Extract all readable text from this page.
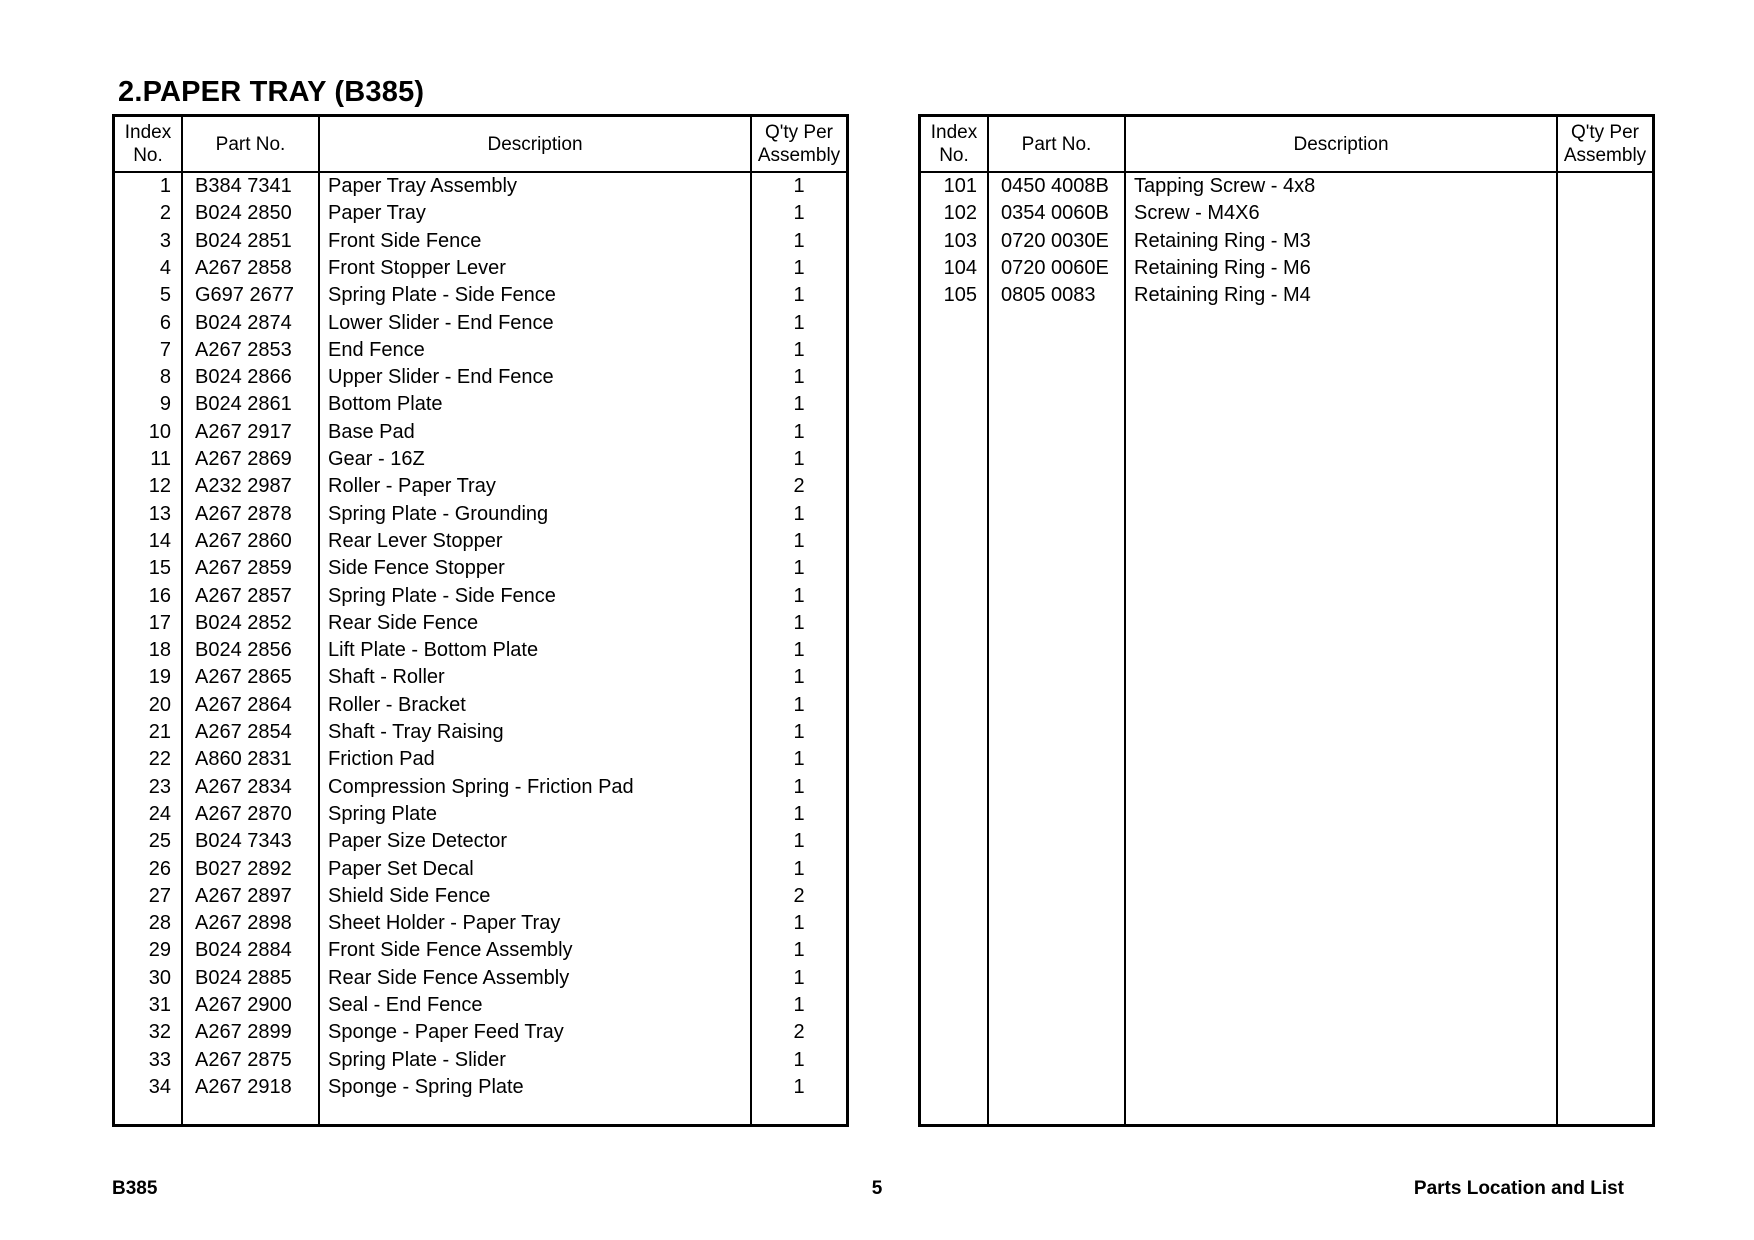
2.PAPER TRAY (B385)
Index
No.
Part No.	Description
Q'ty Per
Assembly
1 B384 7341	Paper Tray Assembly	1
2 B024 2850	Paper Tray	1
3 B024 2851	Front Side Fence	1
4 A267 2858	Front Stopper Lever	1
5 G697 2677	Spring Plate - Side Fence	1
6 B024 2874	Lower Slider - End Fence	1
7 A267 2853	End Fence	1
8 B024 2866	Upper Slider - End Fence	1
9 B024 2861	Bottom Plate	1
10 A267 2917	Base Pad	1
11 A267 2869	Gear - 16Z	1
12 A232 2987	Roller - Paper Tray	2
13 A267 2878	Spring Plate - Grounding	1
14 A267 2860	Rear Lever Stopper	1
15 A267 2859	Side Fence Stopper	1
16 A267 2857	Spring Plate - Side Fence	1
17 B024 2852	Rear Side Fence	1
18 B024 2856	Lift Plate - Bottom Plate	1
19 A267 2865	Shaft - Roller	1
20 A267 2864	Roller - Bracket	1
21 A267 2854	Shaft - Tray Raising	1
22 A860 2831	Friction Pad	1
23 A267 2834	Compression Spring - Friction Pad	1
24 A267 2870	Spring Plate	1
25 B024 7343	Paper Size Detector	1
26 B027 2892	Paper Set Decal	1
27 A267 2897	Shield Side Fence	2
28 A267 2898	Sheet Holder - Paper Tray	1
29 B024 2884	Front Side Fence Assembly	1
30 B024 2885	Rear Side Fence Assembly	1
31 A267 2900	Seal - End Fence	1
32 A267 2899	Sponge - Paper Feed Tray	2
33 A267 2875	Spring Plate - Slider	1
34 A267 2918	Sponge - Spring Plate	1
Index
No.
Part No.	Description
Q'ty Per
Assembly
101 0450 4008B	Tapping Screw - 4x8
102 0354 0060B	Screw - M4X6
103 0720 0030E	Retaining Ring - M3
104 0720 0060E	Retaining Ring - M6
105 0805 0083	Retaining Ring - M4
B385	5	Parts Location and List
